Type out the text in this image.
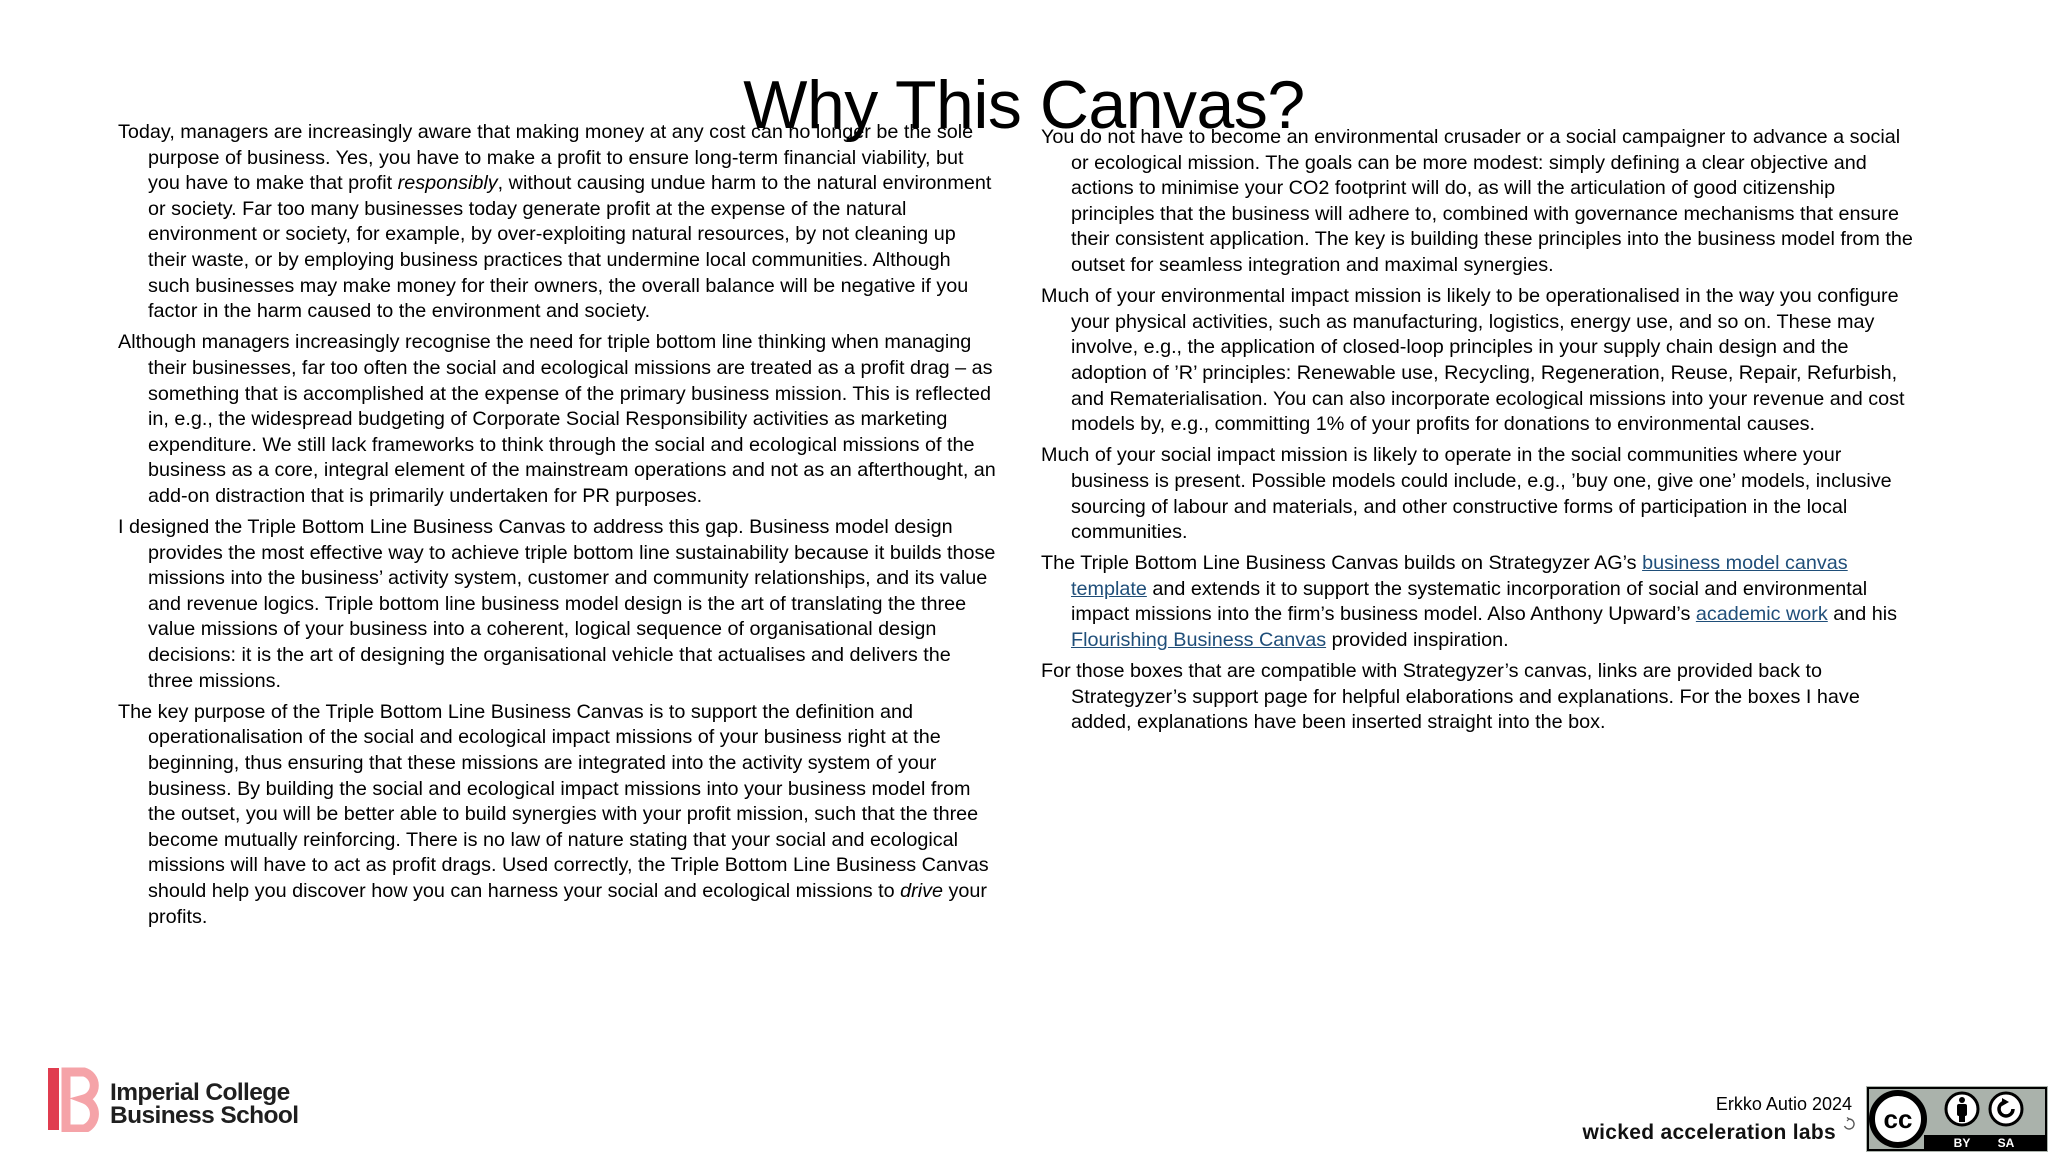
Why This Canvas?

Today, managers are increasingly aware that making money at any cost can no longer be the sole purpose of business. Yes, you have to make a profit to ensure long-term financial viability, but you have to make that profit responsibly, without causing undue harm to the natural environment or society. Far too many businesses today generate profit at the expense of the natural environment or society, for example, by over-exploiting natural resources, by not cleaning up their waste, or by employing business practices that undermine local communities. Although such businesses may make money for their owners, the overall balance will be negative if you factor in the harm caused to the environment and society.

Although managers increasingly recognise the need for triple bottom line thinking when managing their businesses, far too often the social and ecological missions are treated as a profit drag – as something that is accomplished at the expense of the primary business mission. This is reflected in, e.g., the widespread budgeting of Corporate Social Responsibility activities as marketing expenditure. We still lack frameworks to think through the social and ecological missions of the business as a core, integral element of the mainstream operations and not as an afterthought, an add-on distraction that is primarily undertaken for PR purposes.

I designed the Triple Bottom Line Business Canvas to address this gap. Business model design provides the most effective way to achieve triple bottom line sustainability because it builds those missions into the business’ activity system, customer and community relationships, and its value and revenue logics. Triple bottom line business model design is the art of translating the three value missions of your business into a coherent, logical sequence of organisational design decisions: it is the art of designing the organisational vehicle that actualises and delivers the three missions.

The key purpose of the Triple Bottom Line Business Canvas is to support the definition and operationalisation of the social and ecological impact missions of your business right at the beginning, thus ensuring that these missions are integrated into the activity system of your business. By building the social and ecological impact missions into your business model from the outset, you will be better able to build synergies with your profit mission, such that the three become mutually reinforcing. There is no law of nature stating that your social and ecological missions will have to act as profit drags. Used correctly, the Triple Bottom Line Business Canvas should help you discover how you can harness your social and ecological missions to drive your profits.

You do not have to become an environmental crusader or a social campaigner to advance a social or ecological mission. The goals can be more modest: simply defining a clear objective and actions to minimise your CO2 footprint will do, as will the articulation of good citizenship principles that the business will adhere to, combined with governance mechanisms that ensure their consistent application. The key is building these principles into the business model from the outset for seamless integration and maximal synergies.

Much of your environmental impact mission is likely to be operationalised in the way you configure your physical activities, such as manufacturing, logistics, energy use, and so on. These may involve, e.g., the application of closed-loop principles in your supply chain design and the adoption of ’R’ principles: Renewable use, Recycling, Regeneration, Reuse, Repair, Refurbish, and Rematerialisation. You can also incorporate ecological missions into your revenue and cost models by, e.g., committing 1% of your profits for donations to environmental causes.

Much of your social impact mission is likely to operate in the social communities where your business is present. Possible models could include, e.g., ’buy one, give one’ models, inclusive sourcing of labour and materials, and other constructive forms of participation in the local communities.

The Triple Bottom Line Business Canvas builds on Strategyzer AG’s business model canvas template and extends it to support the systematic incorporation of social and environmental impact missions into the firm’s business model. Also Anthony Upward’s academic work and his Flourishing Business Canvas provided inspiration.

For those boxes that are compatible with Strategyzer’s canvas, links are provided back to Strategyzer’s support page for helpful elaborations and explanations. For the boxes I have added, explanations have been inserted straight into the box.

Imperial College
Business School	Erkko Autio 2024
wicked acceleration labs cc
BY SA
